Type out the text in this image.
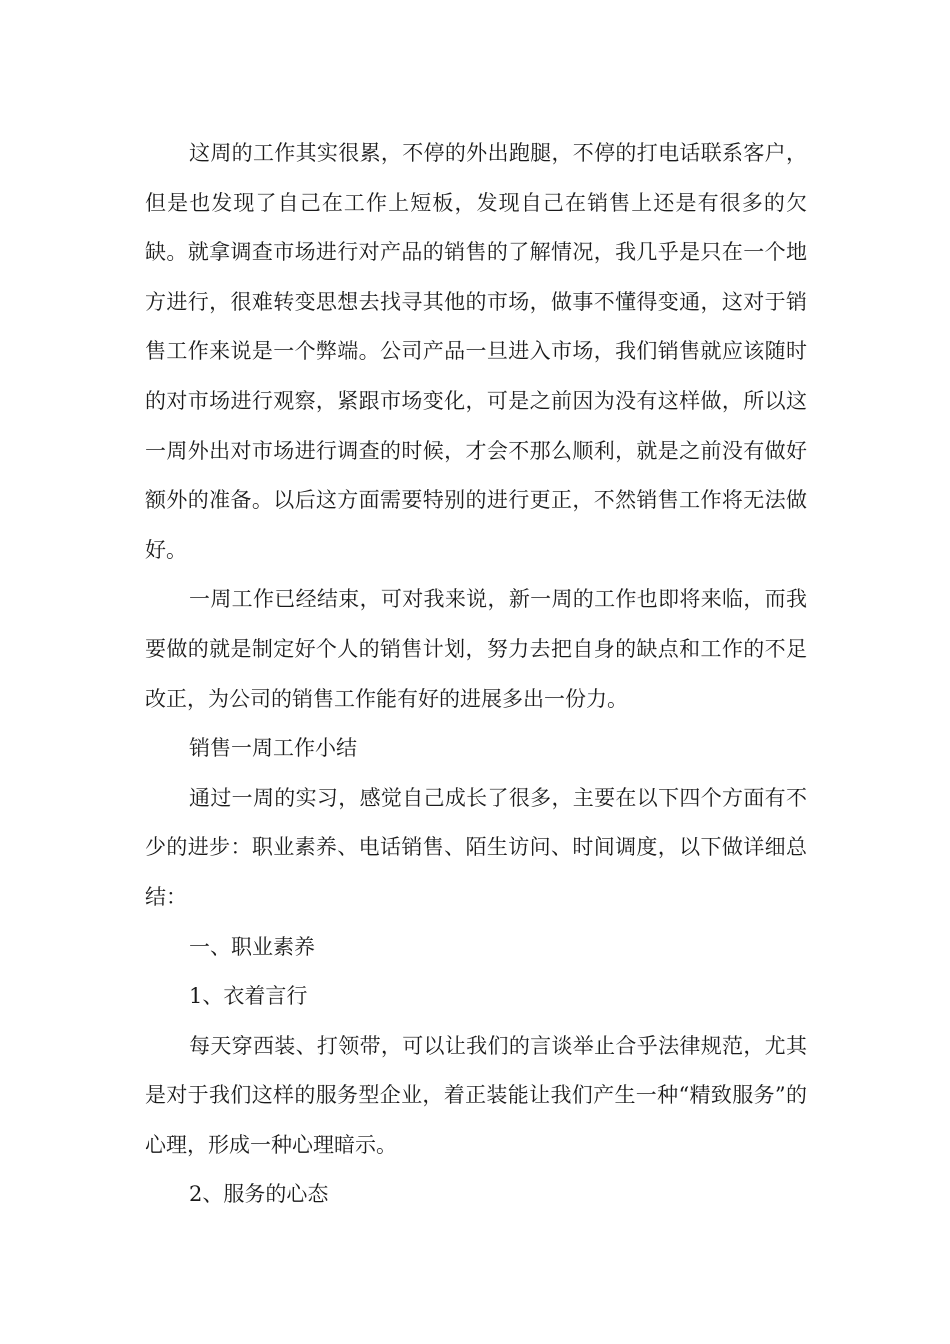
这周的工作其实很累，不停的外出跑腿，不停的打电话联系客户，但是也发现了自己在工作上短板，发现自己在销售上还是有很多的欠缺。就拿调查市场进行对产品的销售的了解情况，我几乎是只在一个地方进行，很难转变思想去找寻其他的市场，做事不懂得变通，这对于销售工作来说是一个弊端。公司产品一旦进入市场，我们销售就应该随时的对市场进行观察，紧跟市场变化，可是之前因为没有这样做，所以这一周外出对市场进行调查的时候，才会不那么顺利，就是之前没有做好额外的准备。以后这方面需要特别的进行更正，不然销售工作将无法做好。

一周工作已经结束，可对我来说，新一周的工作也即将来临，而我要做的就是制定好个人的销售计划，努力去把自身的缺点和工作的不足改正，为公司的销售工作能有好的进展多出一份力。

销售一周工作小结

通过一周的实习，感觉自己成长了很多，主要在以下四个方面有不少的进步：职业素养、电话销售、陌生访问、时间调度，以下做详细总结：

一、职业素养

1、衣着言行

每天穿西装、打领带，可以让我们的言谈举止合乎法律规范，尤其是对于我们这样的服务型企业，着正装能让我们产生一种“精致服务”的心理，形成一种心理暗示。

2、服务的心态
